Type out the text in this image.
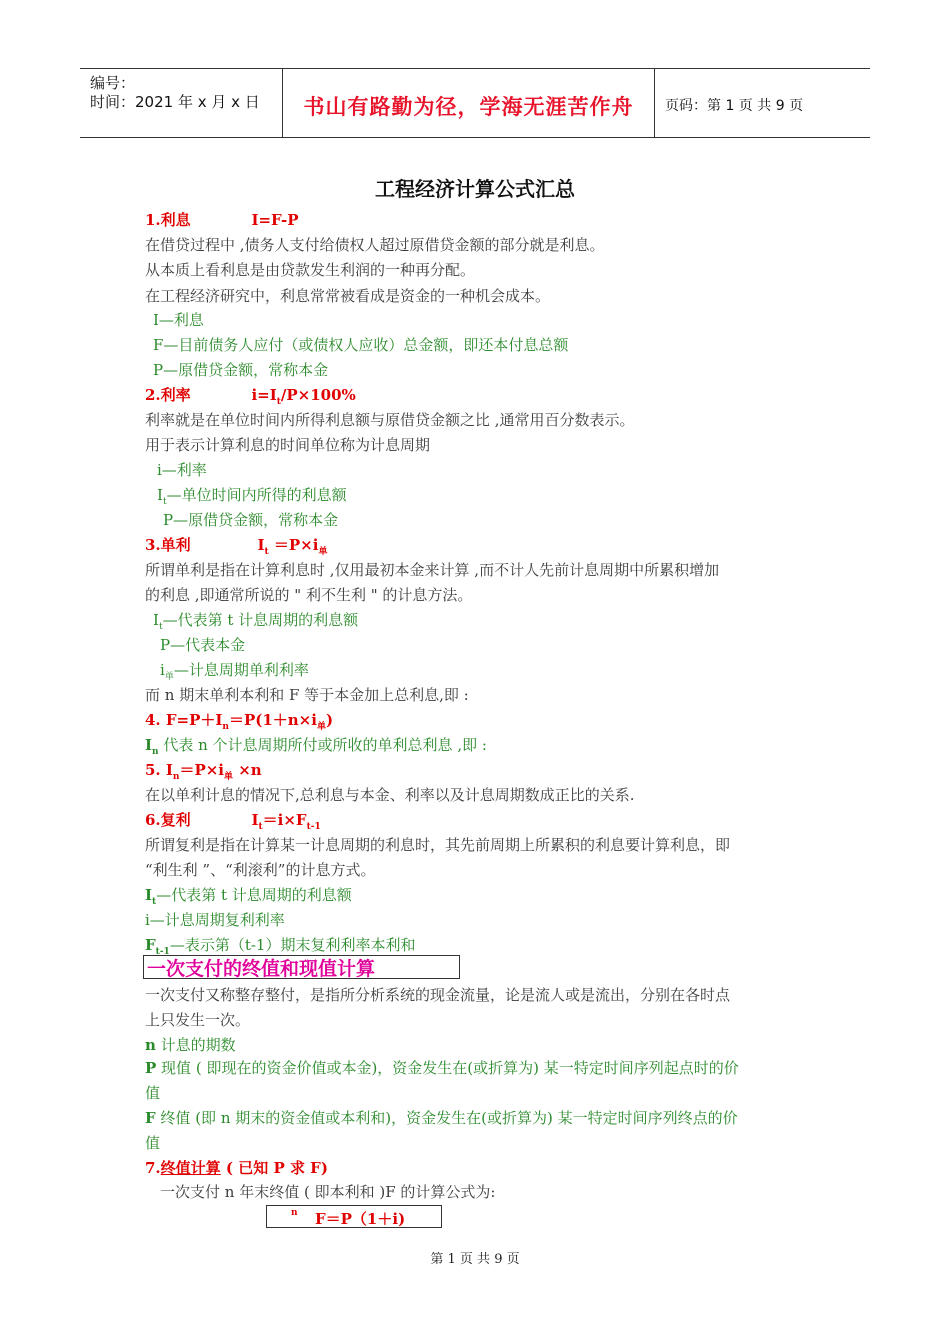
编号：
时间：2021 年 x 月 x 日	书山有路勤为径，学海无涯苦作舟	页码：第 1 页 共 9 页
工程经济计算公式汇总
1.利息	I=F-P
在借贷过程中 ,债务人支付给债权人超过原借贷金额的部分就是利息。
从本质上看利息是由贷款发生利润的一种再分配。
在工程经济研究中，利息常常被看成是资金的一种机会成本。
I—利息
F—目前债务人应付（或债权人应收）总金额，即还本付息总额
P—原借贷金额，常称本金
2.利率	$i=I_t/P\times 100\%$
利率就是在单位时间内所得利息额与原借贷金额之比 ,通常用百分数表示。
用于表示计算利息的时间单位称为计息周期
i—利率
$I_t—$单位时间内所得的利息额
P—原借贷金额，常称本金
3.单利	$I_t =P\times i_单$
所谓单利是指在计算利息时 ,仅用最初本金来计算 ,而不计人先前计息周期中所累积增加
的利息 ,即通常所说的 " 利不生利 " 的计息方法。
$I_t—$代表第 t 计息周期的利息额
P—代表本金
$i_单—$计息周期单利利率
而 n 期末单利本利和 F 等于本金加上总利息,即 :
4. $F=P+I_n=P(1+n\times i_单)$
$I_n$ 代表 n 个计息周期所付或所收的单利总利息 ,即 :
5. $I_n=P\times i_单 \times n$
在以单利计息的情况下,总利息与本金、利率以及计息周期数成正比的关系.
6.复利	$I_t=i\times F_{t-1}$
所谓复利是指在计算某一计息周期的利息时，其先前周期上所累积的利息要计算利息，即
“利生利 ”、“利滚利”的计息方式。
$I_t—$代表第 t 计息周期的利息额
i—计息周期复利利率
$F_{t-1}—$表示第（t-1）期末复利利率本利和
一次支付的终值和现值计算
一次支付又称整存整付，是指所分析系统的现金流量，论是流人或是流出，分别在各时点
上只发生一次。
n 计息的期数
P 现值 ( 即现在的资金价值或本金)，资金发生在(或折算为) 某一特定时间序列起点时的价
值
F 终值 (即 n 期末的资金值或本利和)，资金发生在(或折算为) 某一特定时间序列终点的价
值
7.终值计算 ( 已知 P 求 F)
一次支付 n 年末终值 ( 即本利和 )F 的计算公式为:
F＝P（1＋i)
$^n$
第 1 页 共 9 页
